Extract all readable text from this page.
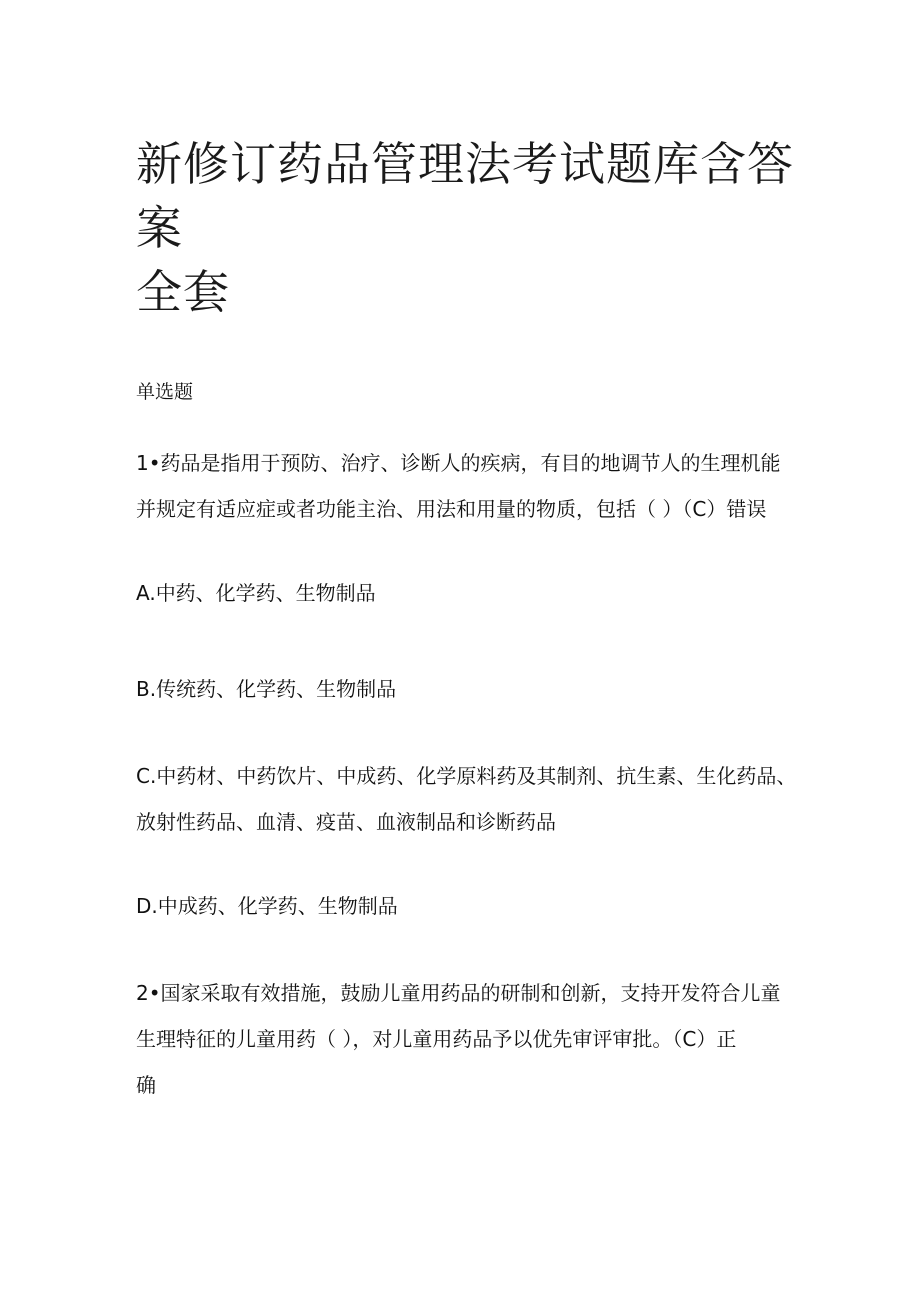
新修订药品管理法考试题库含答案
全套

单选题

1•药品是指用于预防、治疗、诊断人的疾病，有目的地调节人的生理机能
并规定有适应症或者功能主治、用法和用量的物质，包括（ ）（C）错误
A.中药、化学药、生物制品
B.传统药、化学药、生物制品
C.中药材、中药饮片、中成药、化学原料药及其制剂、抗生素、生化药品、
放射性药品、血清、疫苗、血液制品和诊断药品
D.中成药、化学药、生物制品
2•国家采取有效措施，鼓励儿童用药品的研制和创新，支持开发符合儿童
生理特征的儿童用药（ ），对儿童用药品予以优先审评审批。（C）正
确
